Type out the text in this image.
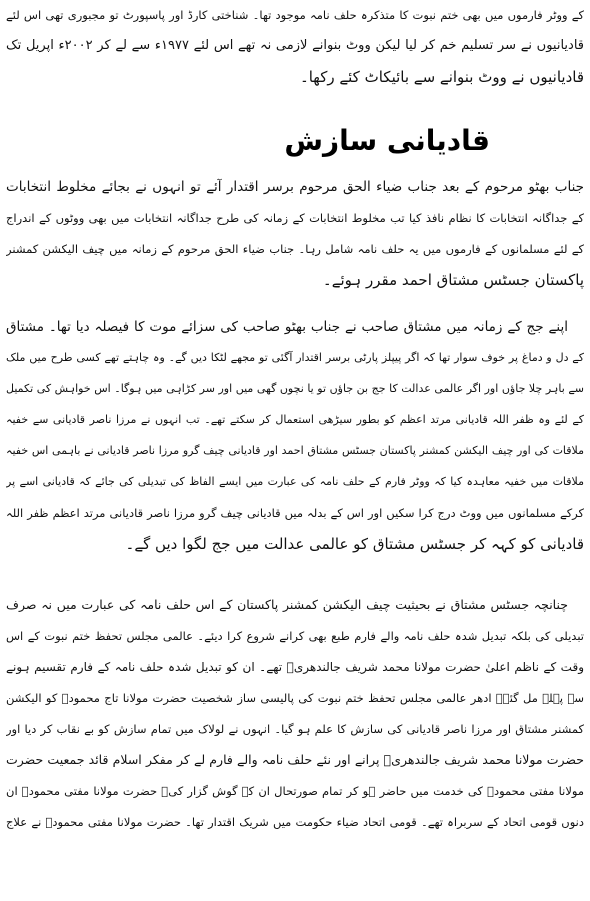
کے ووٹر فارموں میں بھی ختم نبوت کا متذکرہ حلف نامہ موجود تھا۔ شناختی کارڈ اور پاسپورٹ تو مجبوری تھی اس لئے
قادیانیوں نے سر تسلیم خم کر لیا لیکن ووٹ بنوانے لازمی نہ تھے اس لئے ۱۹۷۷ء سے لے کر ۲۰۰۲ء اپریل تک
قادیانیوں نے ووٹ بنوانے سے بائیکاٹ کئے رکھا۔
قادیانی سازش
جناب بھٹو مرحوم کے بعد جناب ضیاء الحق مرحوم برسر اقتدار آئے تو انہوں نے بجائے مخلوط انتخابات
کے جداگانہ انتخابات کا نظام نافذ کیا تب مخلوط انتخابات کے زمانہ کی طرح جداگانہ انتخابات میں بھی ووٹوں کے اندراج
کے لئے مسلمانوں کے فارموں میں یہ حلف نامہ شامل رہا۔ جناب ضیاء الحق مرحوم کے زمانہ میں چیف الیکشن کمشنر
پاکستان جسٹس مشتاق احمد مقرر ہوئے۔
اپنے جج کے زمانہ میں مشتاق صاحب نے جناب بھٹو صاحب کی سزائے موت کا فیصلہ دیا تھا۔ مشتاق
کے دل و دماغ پر خوف سوار تھا کہ اگر پیپلز پارٹی برسر اقتدار آگئی تو مجھے لٹکا دیں گے۔ وہ چاہتے تھے کسی طرح میں ملک
سے باہر چلا جاؤں اور اگر عالمی عدالت کا جج بن جاؤں تو یا نچوں گھی میں اور سر کڑاہی میں ہوگا۔ اس خواہش کی تکمیل
کے لئے وہ ظفر اللہ قادیانی مرتد اعظم کو بطور سیڑھی استعمال کر سکتے تھے۔ تب انہوں نے مرزا ناصر قادیانی سے خفیہ
ملاقات کی اور چیف الیکشن کمشنر پاکستان جسٹس مشتاق احمد اور قادیانی چیف گرو مرزا ناصر قادیانی نے باہمی اس خفیہ
ملاقات میں خفیہ معاہدہ کیا کہ ووٹر فارم کے حلف نامہ کی عبارت میں ایسے الفاظ کی تبدیلی کی جائے کہ قادیانی اسے پر
کرکے مسلمانوں میں ووٹ درج کرا سکیں اور اس کے بدلہ میں قادیانی چیف گرو مرزا ناصر قادیانی مرتد اعظم ظفر اللہ
قادیانی کو کہہ کر جسٹس مشتاق کو عالمی عدالت میں جج لگوا دیں گے۔
چنانچہ جسٹس مشتاق نے بحیثیت چیف الیکشن کمشنر پاکستان کے اس حلف نامہ کی عبارت میں نہ صرف
تبدیلی کی بلکہ تبدیل شدہ حلف نامہ والے فارم طبع بھی کرانے شروع کرا دیئے۔ عالمی مجلس تحفظ ختم نبوت کے اس
وقت کے ناظم اعلیٰ حضرت مولانا محمد شریف جالندھریؒ تھے۔ ان کو تبدیل شدہ حلف نامہ کے فارم تقسیم ہونے
سے پہلے مل گئے۔ ادھر عالمی مجلس تحفظ ختم نبوت کی پالیسی ساز شخصیت حضرت مولانا تاج محمودؒ کو الیکشن
کمشنر مشتاق اور مرزا ناصر قادیانی کی سازش کا علم ہو گیا۔ انہوں نے لولاک میں تمام سازش کو بے نقاب کر دیا اور
حضرت مولانا محمد شریف جالندھریؒ پرانے اور نئے حلف نامہ والے فارم لے کر مفکر اسلام قائد جمعیت حضرت
مولانا مفتی محمودؒ کی خدمت میں حاضر ہو کر تمام صورتحال ان کے گوش گزار کی۔ حضرت مولانا مفتی محمودؒ ان
دنوں قومی اتحاد کے سربراہ تھے۔ قومی اتحاد ضیاء حکومت میں شریک اقتدار تھا۔ حضرت مولانا مفتی محمودؒ نے علاج
